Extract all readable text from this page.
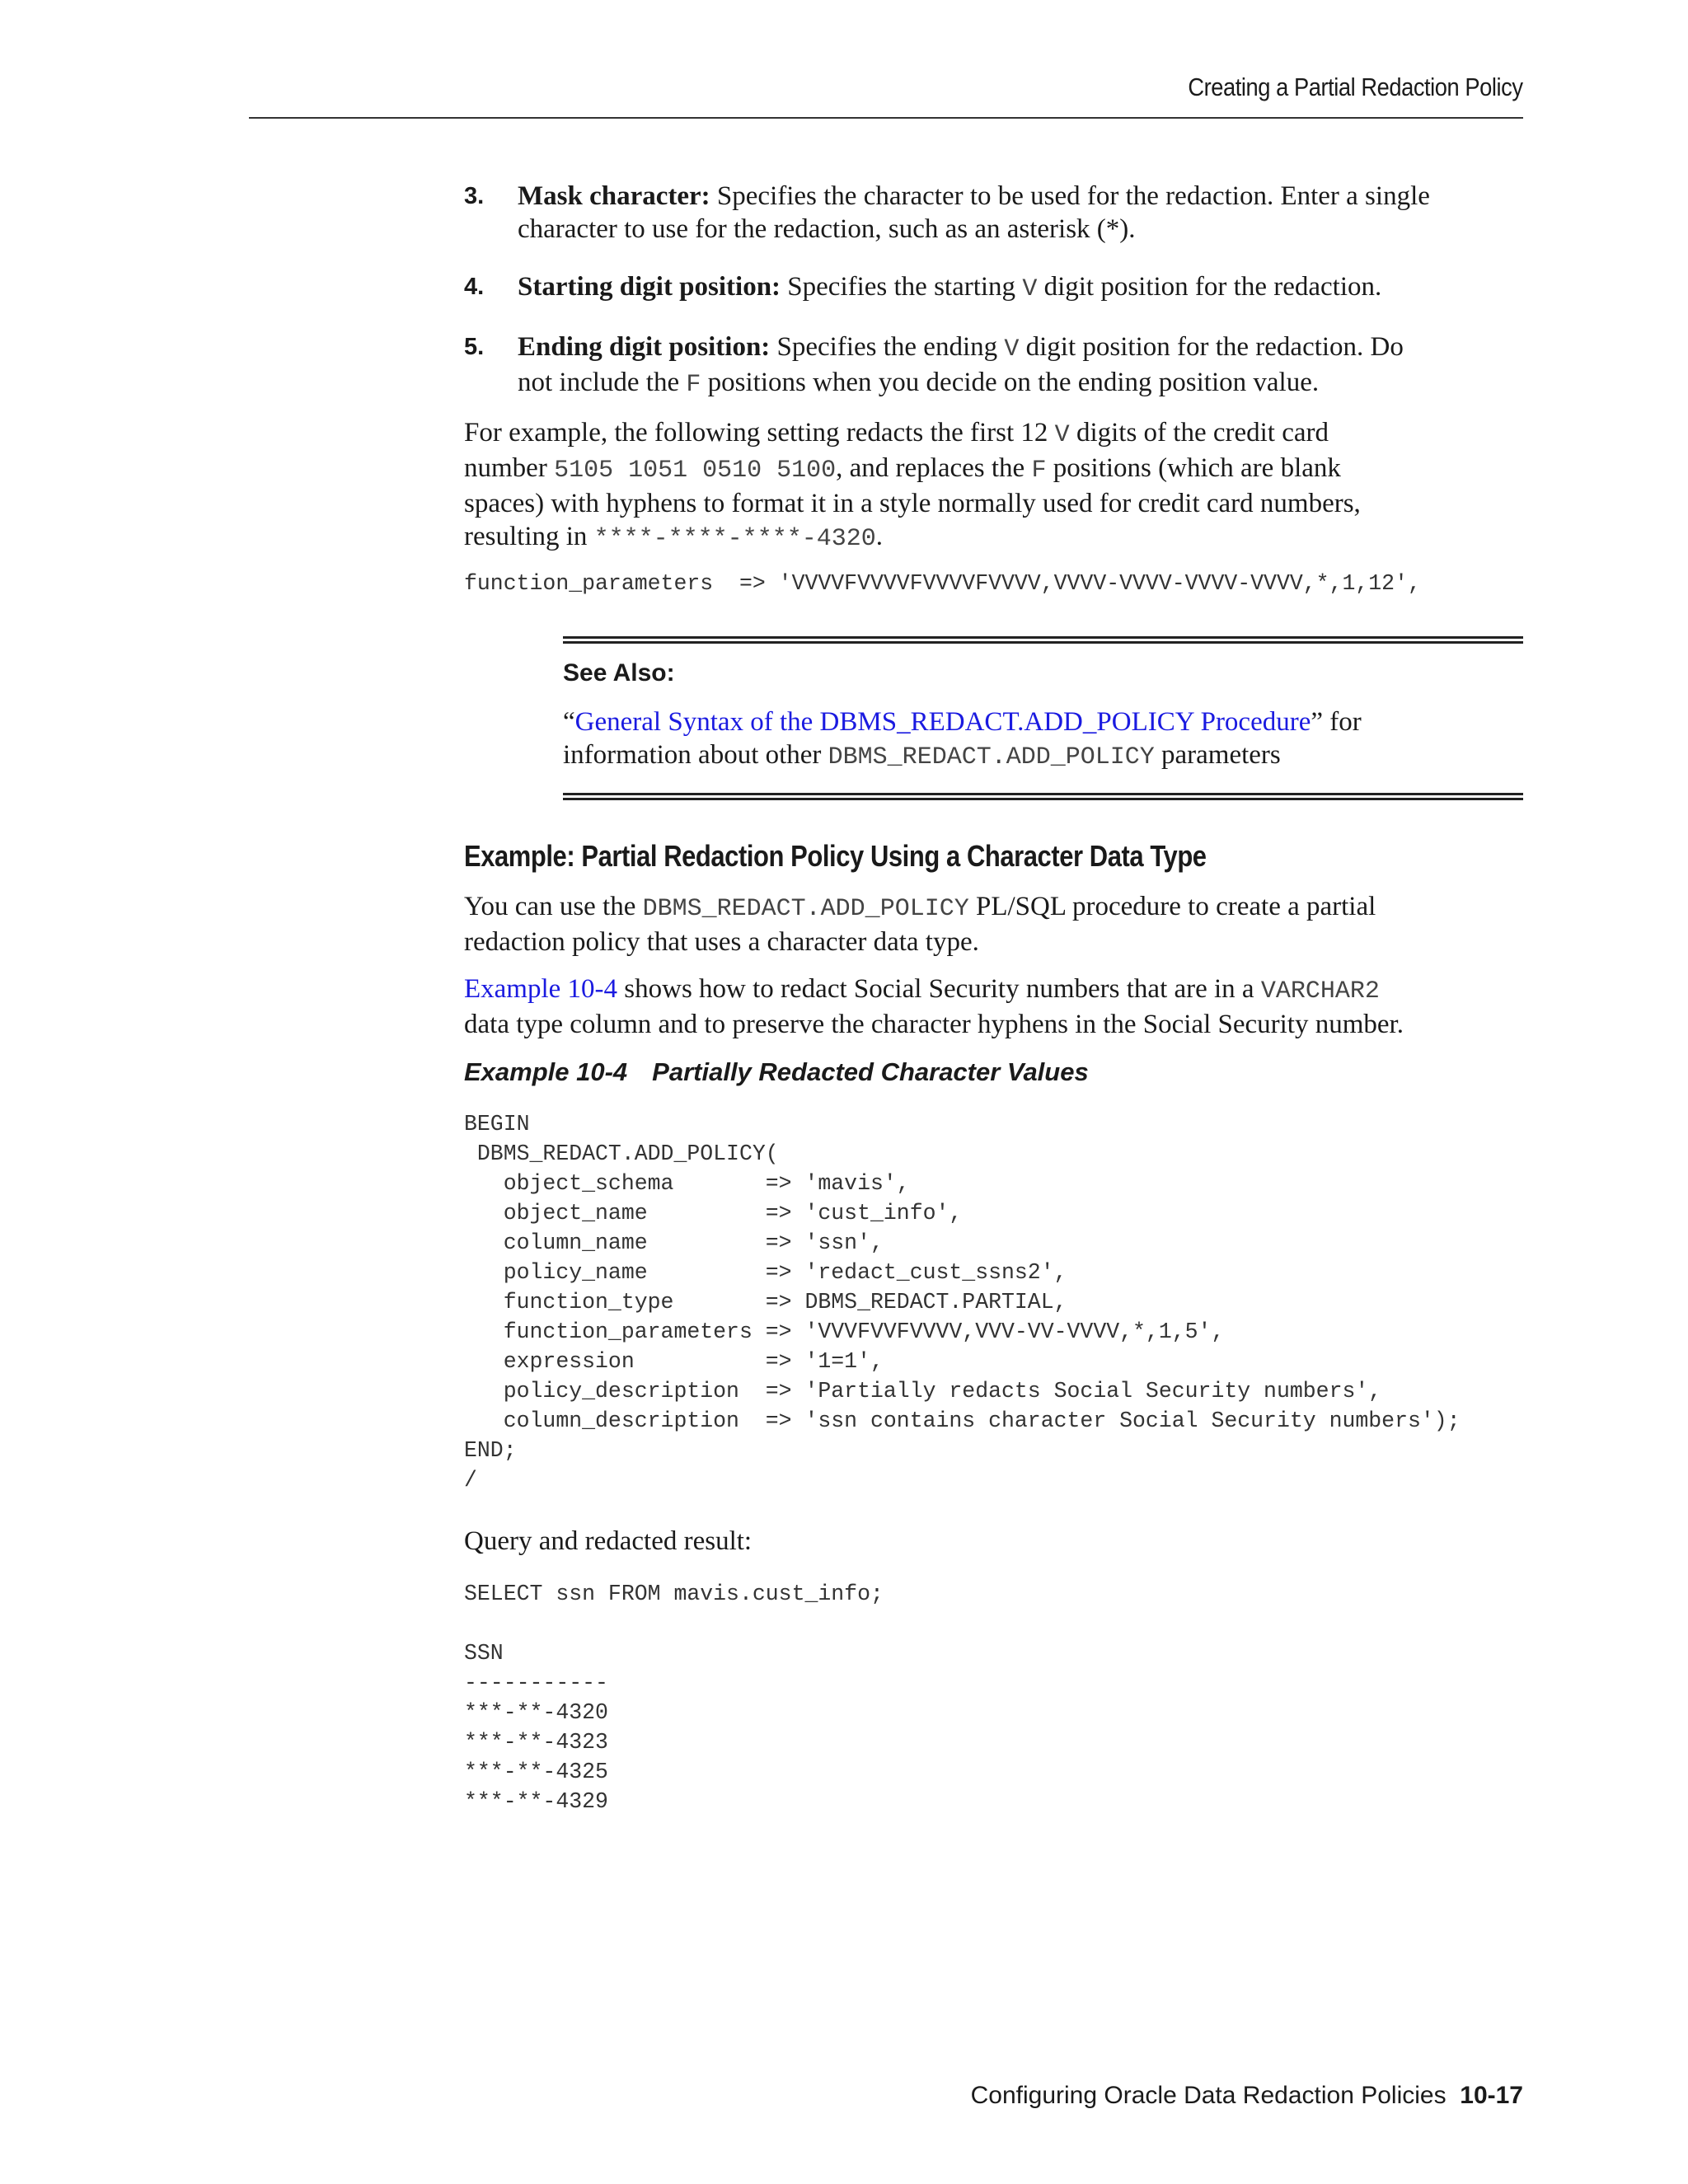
Creating a Partial Redaction Policy
3. Mask character: Specifies the character to be used for the redaction. Enter a single
character to use for the redaction, such as an asterisk (*).
4. Starting digit position: Specifies the starting V digit position for the redaction.
5. Ending digit position: Specifies the ending V digit position for the redaction. Do
not include the F positions when you decide on the ending position value.
For example, the following setting redacts the first 12 V digits of the credit card
number 5105 1051 0510 5100, and replaces the F positions (which are blank
spaces) with hyphens to format it in a style normally used for credit card numbers,
resulting in ****-****-****-4320.
function_parameters  => 'VVVVFVVVVFVVVVFVVVV,VVVV-VVVV-VVVV-VVVV,*,1,12',
See Also:
“General Syntax of the DBMS_REDACT.ADD_POLICY Procedure” for
information about other DBMS_REDACT.ADD_POLICY parameters
Example: Partial Redaction Policy Using a Character Data Type
You can use the DBMS_REDACT.ADD_POLICY PL/SQL procedure to create a partial
redaction policy that uses a character data type.
Example 10-4 shows how to redact Social Security numbers that are in a VARCHAR2
data type column and to preserve the character hyphens in the Social Security number.
Example 10-4 Partially Redacted Character Values
BEGIN
DBMS_REDACT.ADD_POLICY(
object_schema       => 'mavis',
object_name         => 'cust_info',
column_name         => 'ssn',
policy_name         => 'redact_cust_ssns2',
function_type       => DBMS_REDACT.PARTIAL,
function_parameters => 'VVVFVVFVVVV,VVV-VV-VVVV,*,1,5',
expression          => '1=1',
policy_description  => 'Partially redacts Social Security numbers',
column_description  => 'ssn contains character Social Security numbers');
END;
/
Query and redacted result:
SELECT ssn FROM mavis.cust_info;

SSN
-----------
***-**-4320
***-**-4323
***-**-4325
***-**-4329
Configuring Oracle Data Redaction Policies 10-17
